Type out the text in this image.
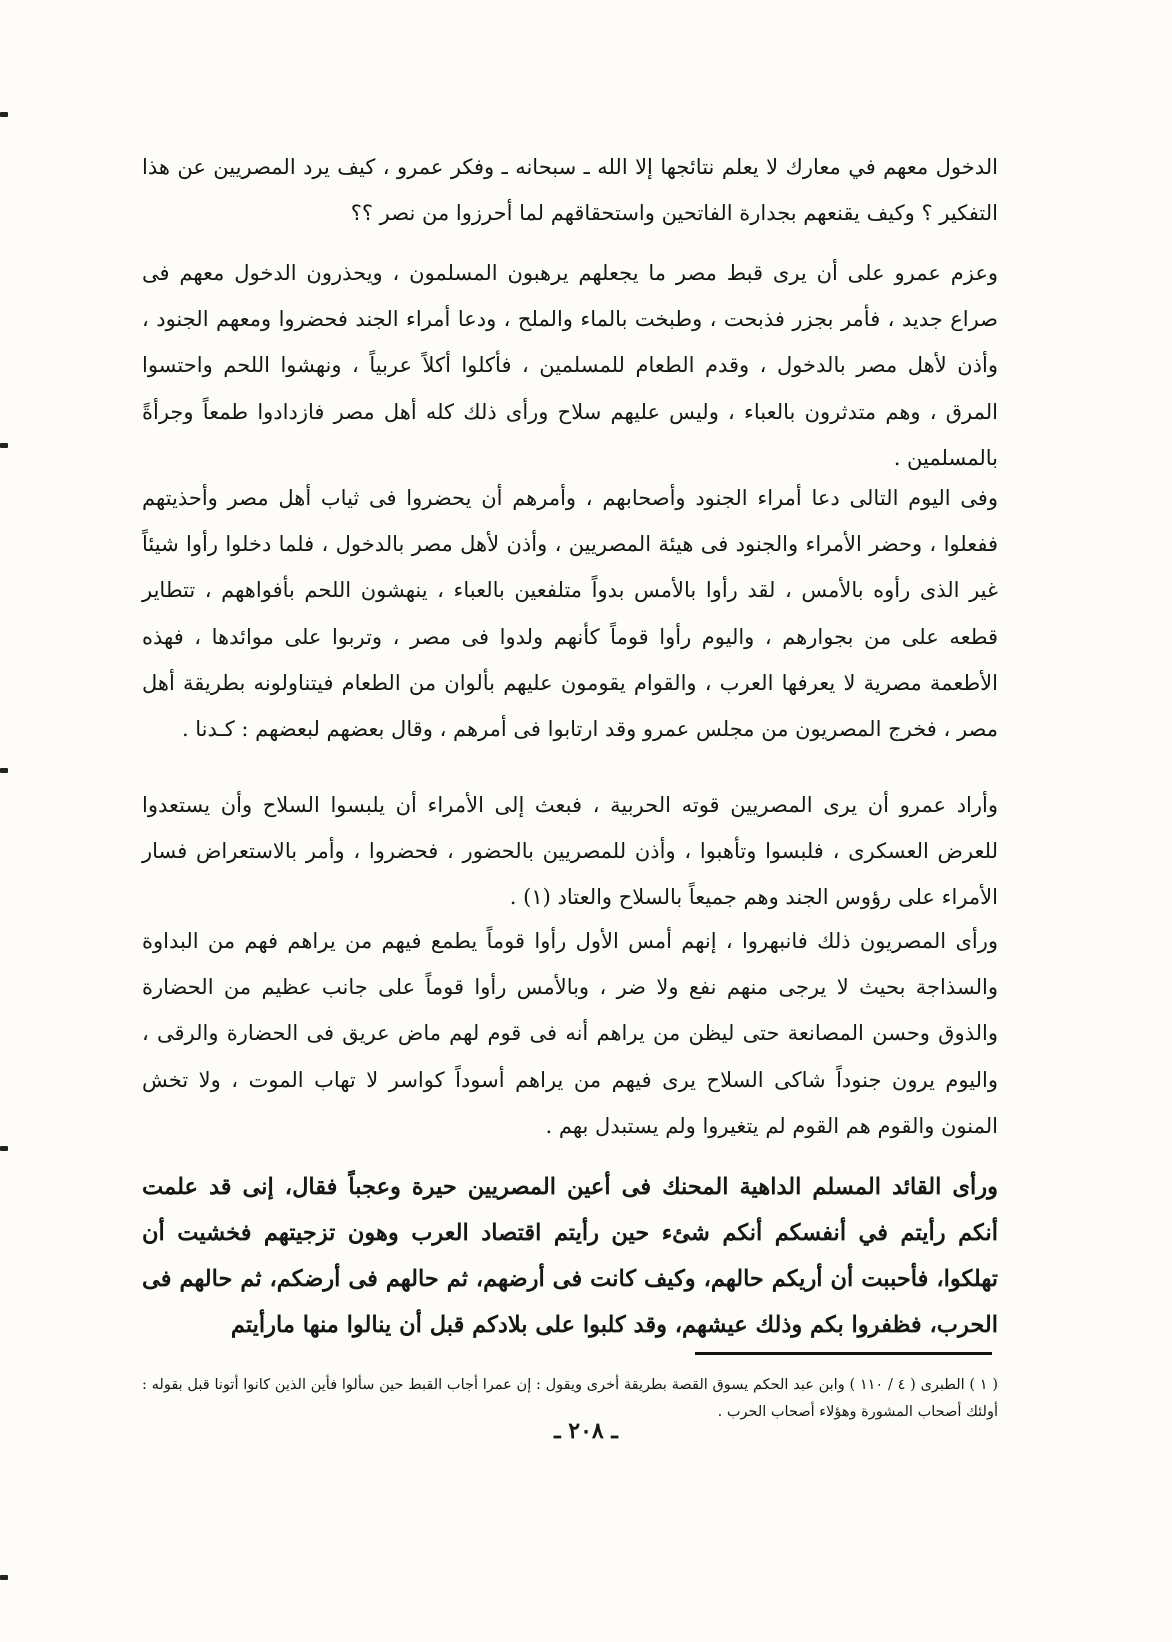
الدخول معهم في معارك لا يعلم نتائجها إلا الله ـ سبحانه ـ وفكر عمرو ، كيف يرد المصريين عن هذا التفكير ؟ وكيف يقنعهم بجدارة الفاتحين واستحقاقهم لما أحرزوا من نصر ؟؟

وعزم عمرو على أن يرى قبط مصر ما يجعلهم يرهبون المسلمون ، ويحذرون الدخول معهم فى صراع جديد ، فأمر بجزر فذبحت ، وطبخت بالماء والملح ، ودعا أمراء الجند فحضروا ومعهم الجنود ، وأذن لأهل مصر بالدخول ، وقدم الطعام للمسلمين ، فأكلوا أكلاً عربياً ، ونهشوا اللحم واحتسوا المرق ، وهم متدثرون بالعباء ، وليس عليهم سلاح ورأى ذلك كله أهل مصر فازدادوا طمعاً وجرأةً بالمسلمين .

وفى اليوم التالى دعا أمراء الجنود وأصحابهم ، وأمرهم أن يحضروا فى ثياب أهل مصر وأحذيتهم ففعلوا ، وحضر الأمراء والجنود فى هيئة المصريين ، وأذن لأهل مصر بالدخول ، فلما دخلوا رأوا شيئاً غير الذى رأوه بالأمس ، لقد رأوا بالأمس بدواً متلفعين بالعباء ، ينهشون اللحم بأفواههم ، تتطاير قطعه على من بجوارهم ، واليوم رأوا قوماً كأنهم ولدوا فى مصر ، وتربوا على موائدها ، فهذه الأطعمة مصرية لا يعرفها العرب ، والقوام يقومون عليهم بألوان من الطعام فيتناولونه بطريقة أهل مصر ، فخرج المصريون من مجلس عمرو وقد ارتابوا فى أمرهم ، وقال بعضهم لبعضهم : كـدنا .

وأراد عمرو أن يرى المصريين قوته الحربية ، فبعث إلى الأمراء أن يلبسوا السلاح وأن يستعدوا للعرض العسكرى ، فلبسوا وتأهبوا ، وأذن للمصريين بالحضور ، فحضروا ، وأمر بالاستعراض فسار الأمراء على رؤوس الجند وهم جميعاً بالسلاح والعتاد (١) .

ورأى المصريون ذلك فانبهروا ، إنهم أمس الأول رأوا قوماً يطمع فيهم من يراهم فهم من البداوة والسذاجة بحيث لا يرجى منهم نفع ولا ضر ، وبالأمس رأوا قوماً على جانب عظيم من الحضارة والذوق وحسن المصانعة حتى ليظن من يراهم أنه فى قوم لهم ماض عريق فى الحضارة والرقى ، واليوم يرون جنوداً شاكى السلاح يرى فيهم من يراهم أسوداً كواسر لا تهاب الموت ، ولا تخش المنون والقوم هم القوم لم يتغيروا ولم يستبدل بهم .

ورأى القائد المسلم الداهية المحنك فى أعين المصريين حيرة وعجباً فقال، إنى قد علمت أنكم رأيتم في أنفسكم أنكم شئء حين رأيتم اقتصاد العرب وهون تزجيتهم فخشيت أن تهلكوا، فأحببت أن أريكم حالهم، وكيف كانت فى أرضهم، ثم حالهم فى أرضكم، ثم حالهم فى الحرب، فظفروا بكم وذلك عيشهم، وقد كلبوا على بلادكم قبل أن ينالوا منها مارأيتم

( ١ ) الطبرى ( ٤ / ١١٠ ) وابن عبد الحكم يسوق القصة بطريقة أخرى ويقول : إن عمرا أجاب القبط حين سألوا فأين الذين كانوا أتونا قبل بقوله : أولئك أصحاب المشورة وهؤلاء أصحاب الحرب .

ـ ٢٠٨ ـ
